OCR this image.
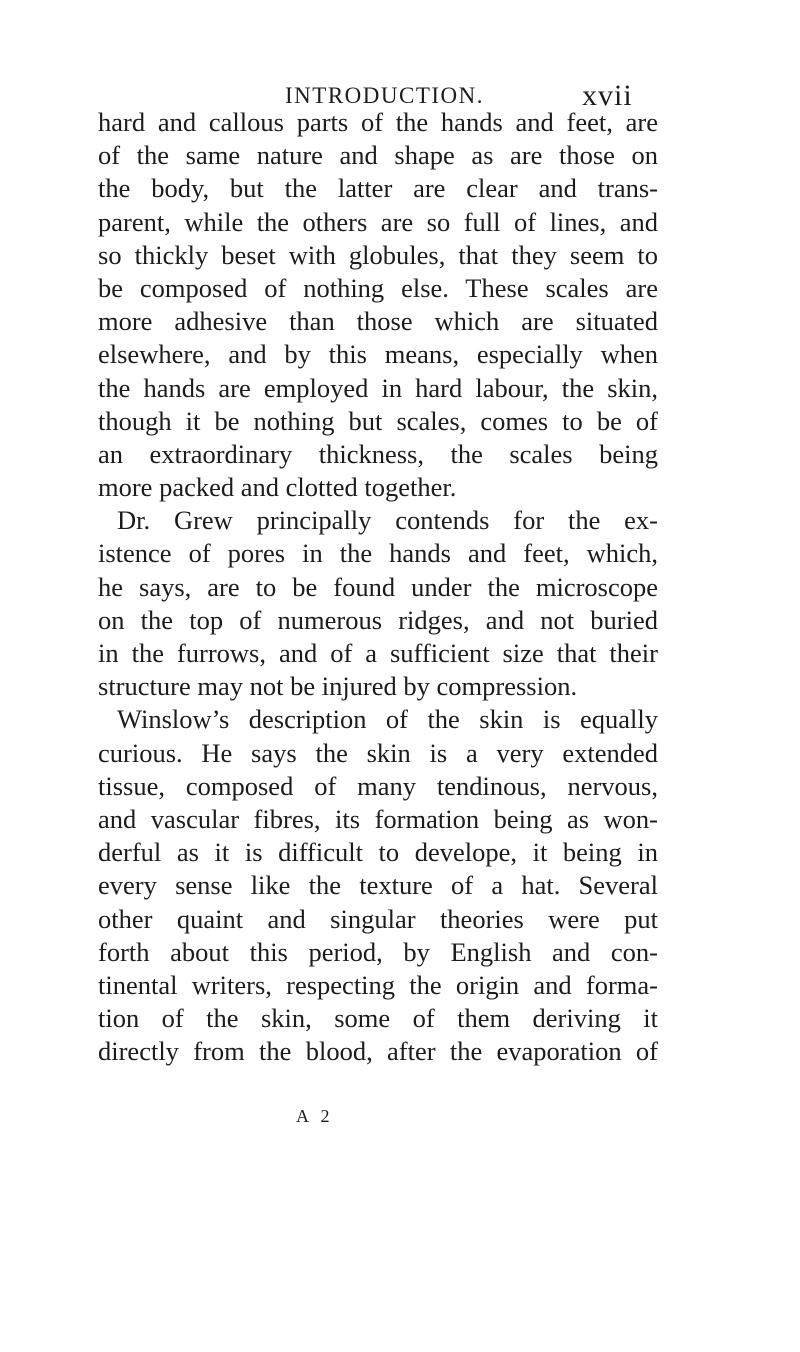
INTRODUCTION.	xvii
hard and callous parts of the hands and feet, are
of the same nature and shape as are those on
the body, but the latter are clear and trans-
parent, while the others are so full of lines, and
so thickly beset with globules, that they seem to
be composed of nothing else. These scales are
more adhesive than those which are situated
elsewhere, and by this means, especially when
the hands are employed in hard labour, the skin,
though it be nothing but scales, comes to be of
an extraordinary thickness, the scales being
more packed and clotted together.
Dr. Grew principally contends for the ex-
istence of pores in the hands and feet, which,
he says, are to be found under the microscope
on the top of numerous ridges, and not buried
in the furrows, and of a sufficient size that their
structure may not be injured by compression.
Winslow’s description of the skin is equally
curious. He says the skin is a very extended
tissue, composed of many tendinous, nervous,
and vascular fibres, its formation being as won-
derful as it is difficult to develope, it being in
every sense like the texture of a hat. Several
other quaint and singular theories were put
forth about this period, by English and con-
tinental writers, respecting the origin and forma-
tion of the skin, some of them deriving it
directly from the blood, after the evaporation of
A 2
